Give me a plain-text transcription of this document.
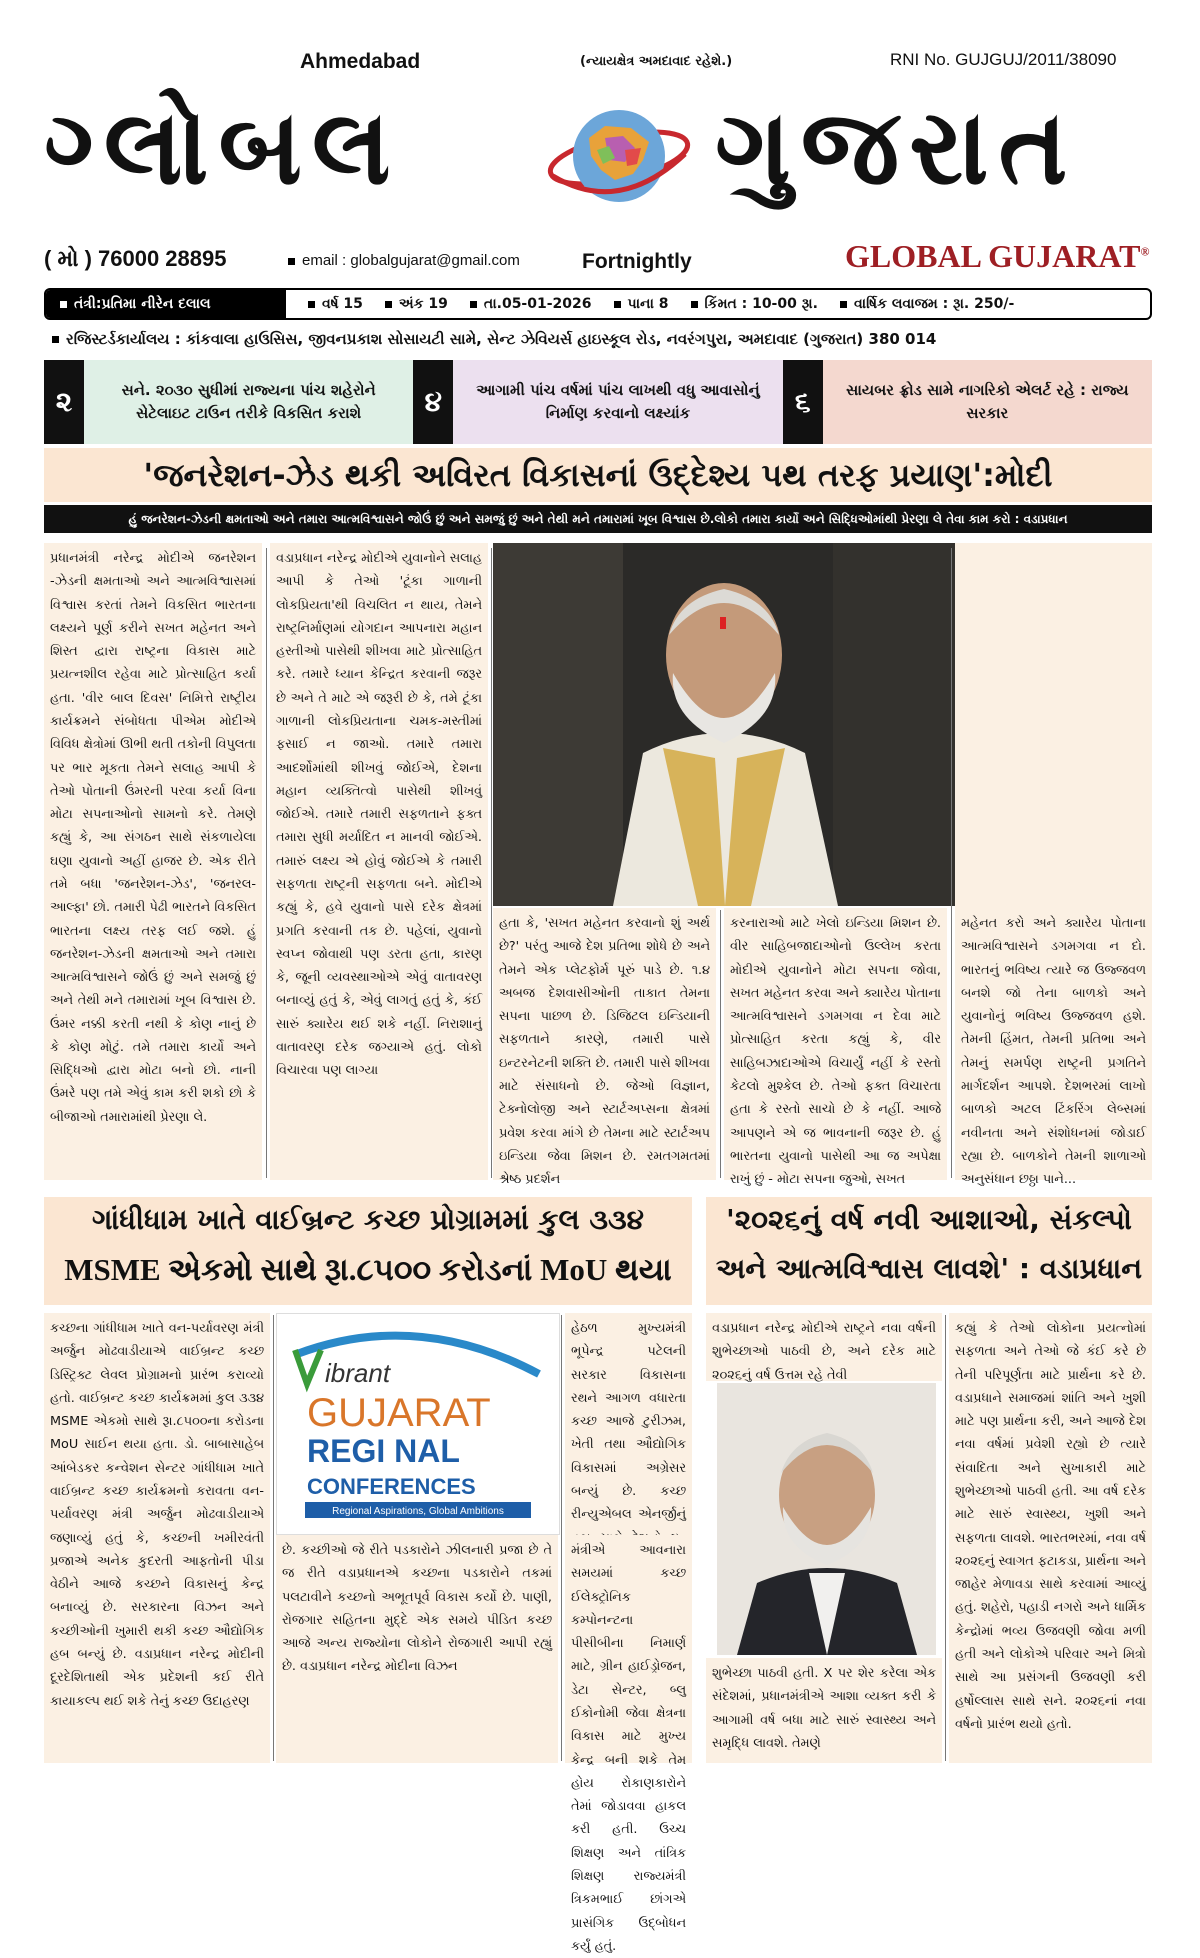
Ahmedabad	(ન્યાયક્ષેત્ર અમદાવાદ રહેશે.)	RNI No. GUJGUJ/2011/38090
ગ્લોબલ	ગુજરાત
GLOBAL GUJARAT®
( મો ) 76000 28895	email : globalgujarat@gmail.com	Fortnightly
તંત્રી:પ્રતિમા નીરેન દલાલ	વર્ષ 15	અંક 19	તા.05-01-2026	પાના 8	કિંમત : 10-00 રૂા.	વાર્ષિક લવાજમ : રૂા. 250/-
રજિસ્ટર્ડકાર્યાલય : કાંકવાલા હાઉસિસ, જીવનપ્રકાશ સોસાયટી સામે, સેન્ટ ઝેવિયર્સ હાઇસ્કૂલ રોડ, નવરંગપુરા, અમદાવાદ (ગુજરાત) 380 014
૨	સને. ૨૦૩૦ સુધીમાં રાજ્યના પાંચ શહેરોને સેટેલાઇટ ટાઉન તરીકે વિકસિત કરાશે	૪	આગામી પાંચ વર્ષમાં પાંચ લાખથી વધુ આવાસોનું નિર્માણ કરવાનો લક્ષ્યાંક	૬	સાયબર ફ્રોડ સામે નાગરિકો એલર્ટ રહે : રાજ્ય સરકાર
'જનરેશન-ઝેડ થકી અવિરત વિકાસનાં ઉદ્દેશ્ય પથ તરફ પ્રયાણ':મોદી
હું જનરેશન-ઝેડની ક્ષમતાઓ અને તમારા આત્મવિશ્વાસને જોઉં છું અને સમજું છું અને તેથી મને તમારામાં ખૂબ વિશ્વાસ છે.લોકો તમારા કાર્યો અને સિદ્ધિઓમાંથી પ્રેરણા લે તેવા કામ કરો : વડાપ્રધાન
પ્રધાનમંત્રી નરેન્દ્ર મોદીએ જનરેશન -ઝેડની ક્ષમતાઓ અને આત્મવિશ્વાસમાં વિશ્વાસ કરતાં તેમને વિકસિત ભારતના લક્ષ્યને પૂર્ણ કરીને સખત મહેનત અને શિસ્ત દ્વારા રાષ્ટ્રના વિકાસ માટે પ્રયત્નશીલ રહેવા માટે પ્રોત્સાહિત કર્યા હતા. 'વીર બાલ દિવસ' નિમિત્તે રાષ્ટ્રીય કાર્યક્રમને સંબોધતા પીએમ મોદીએ વિવિધ ક્ષેત્રોમાં ઊભી થતી તકોની વિપુલતા પર ભાર મૂકતા તેમને સલાહ આપી કે તેઓ પોતાની ઉંમરની પરવા કર્યા વિના મોટા સપનાઓનો સામનો કરે. તેમણે કહ્યું કે, આ સંગઠન સાથે સંકળાયેલા ઘણા યુવાનો અહીં હાજર છે. એક રીતે તમે બધા 'જનરેશન-ઝેડ', 'જનરલ-આલ્ફા' છો. તમારી પેઢી ભારતને વિકસિત ભારતના લક્ષ્ય તરફ લઈ જશે. હું જનરેશન-ઝેડની ક્ષમતાઓ અને તમારા આત્મવિશ્વાસને જોઉં છું અને સમજું છું અને તેથી મને તમારામાં ખૂબ વિશ્વાસ છે. ઉંમર નક્કી કરતી નથી કે કોણ નાનું છે કે કોણ મોટું. તમે તમારા કાર્યો અને સિદ્ધિઓ દ્વારા મોટા બનો છો. નાની ઉંમરે પણ તમે એવું કામ કરી શકો છો કે બીજાઓ તમારામાંથી પ્રેરણા લે.
વડાપ્રધાન નરેન્દ્ર મોદીએ યુવાનોને સલાહ આપી કે તેઓ 'ટૂંકા ગાળાની લોકપ્રિયતા'થી વિચલિત ન થાય, તેમને રાષ્ટ્રનિર્માણમાં યોગદાન આપનારા મહાન હસ્તીઓ પાસેથી શીખવા માટે પ્રોત્સાહિત કરે. તમારે ધ્યાન કેન્દ્રિત કરવાની જરૂર છે અને તે માટે એ જરૂરી છે કે, તમે ટૂંકા ગાળાની લોકપ્રિયતાના ચમક-મસ્તીમાં ફસાઈ ન જાઓ. તમારે તમારા આદર્શોમાંથી શીખવું જોઈએ, દેશના મહાન વ્યક્તિત્વો પાસેથી શીખવું જોઈએ. તમારે તમારી સફળતાને ફક્ત તમારા સુધી મર્યાદિત ન માનવી જોઈએ. તમારું લક્ષ્ય એ હોવું જોઈએ કે તમારી સફળતા રાષ્ટ્રની સફળતા બને. મોદીએ કહ્યું કે, હવે યુવાનો પાસે દરેક ક્ષેત્રમાં પ્રગતિ કરવાની તક છે. પહેલાં, યુવાનો સ્વપ્ન જોવાથી પણ ડરતા હતા, કારણ કે, જૂની વ્યવસ્થાઓએ એવું વાતાવરણ બનાવ્યું હતું કે, એવું લાગતું હતું કે, કંઈ સારું ક્યારેય થઈ શકે નહીં. નિરાશાનું વાતાવરણ દરેક જગ્યાએ હતું. લોકો વિચારવા પણ લાગ્યા
હતા કે, 'સખત મહેનત કરવાનો શું અર્થ છે?' પરંતુ આજે દેશ પ્રતિભા શોધે છે અને તેમને એક પ્લેટફોર્મ પૂરું પાડે છે. ૧.૪ અબજ દેશવાસીઓની તાકાત તેમના સપના પાછળ છે. ડિજિટલ ઇન્ડિયાની સફળતાને કારણે, તમારી પાસે ઇન્ટરનેટની શક્તિ છે. તમારી પાસે શીખવા માટે સંસાધનો છે. જેઓ વિજ્ઞાન, ટેક્નોલોજી અને સ્ટાર્ટઅપ્સના ક્ષેત્રમાં પ્રવેશ કરવા માંગે છે તેમના માટે સ્ટાર્ટઅપ ઇન્ડિયા જેવા મિશન છે. રમતગમતમાં શ્રેષ્ઠ પ્રદર્શન
કરનારાઓ માટે ખેલો ઇન્ડિયા મિશન છે. વીર સાહિબજાદાઓનો ઉલ્લેખ કરતા મોદીએ યુવાનોને મોટા સપના જોવા, સખત મહેનત કરવા અને ક્યારેય પોતાના આત્મવિશ્વાસને ડગમગવા ન દેવા માટે પ્રોત્સાહિત કરતા કહ્યું કે, વીર સાહિબઝાદાઓએ વિચાર્યું નહીં કે રસ્તો કેટલો મુશ્કેલ છે. તેઓ ફક્ત વિચારતા હતા કે રસ્તો સાચો છે કે નહીં. આજે આપણને એ જ ભાવનાની જરૂર છે. હું ભારતના યુવાનો પાસેથી આ જ અપેક્ષા રાખું છું - મોટા સપના જુઓ, સખત
મહેનત કરો અને ક્યારેય પોતાના આત્મવિશ્વાસને ડગમગવા ન દો. ભારતનું ભવિષ્ય ત્યારે જ ઉજ્જવળ બનશે જો તેના બાળકો અને યુવાનોનું ભવિષ્ય ઉજ્જવળ હશે. તેમની હિંમત, તેમની પ્રતિભા અને તેમનું સમર્પણ રાષ્ટ્રની પ્રગતિને માર્ગદર્શન આપશે. દેશભરમાં લાખો બાળકો અટલ ટિંકરિંગ લેબ્સમાં નવીનતા અને સંશોધનમાં જોડાઈ રહ્યા છે. બાળકોને તેમની શાળાઓ અનુસંધાન છઠ્ઠા પાને...
ગાંધીધામ ખાતે વાઈબ્રન્ટ કચ્છ પ્રોગ્રામમાં કુલ ૩૩૪
MSME એકમો સાથે રૂા.૮૫૦૦ કરોડનાં MoU થયા
કચ્છના ગાંધીધામ ખાતે વન-પર્યાવરણ મંત્રી અર્જુન મોઢવાડીયાએ વાઈબ્રન્ટ કચ્છ ડિસ્ટ્રિક્ટ લેવલ પ્રોગ્રામનો પ્રારંભ કરાવ્યો હતો. વાઈબ્રન્ટ કચ્છ કાર્યક્રમમાં કુલ ૩૩૪ MSME એકમો સાથે રૂા.૮૫૦૦ના કરોડના MoU સાઈન થયા હતા. ડો. બાબાસાહેબ આંબેડકર કન્વેશન સેન્ટર ગાંધીધામ ખાતે વાઈબ્રન્ટ કચ્છ કાર્યક્રમનો કરાવતા વન- પર્યાવરણ મંત્રી અર્જુન મોઢવાડીયાએ જણાવ્યું હતું કે, કચ્છની ખમીરવંતી પ્રજાએ અનેક કુદરતી આફતોની પીડા વેઠીને આજે કચ્છને વિકાસનું કેન્દ્ર બનાવ્યું છે. સરકારના વિઝન અને કચ્છીઓની ખુમારી થકી કચ્છ ઔદ્યોગિક હબ બન્યું છે. વડાપ્રધાન નરેન્દ્ર મોદીની દૂરદેશિતાથી એક પ્રદેશની કઈ રીતે કાયાકલ્પ થઈ શકે તેનું કચ્છ ઉદાહરણ
ibrant
GUJARAT
REGI NAL
CONFERENCES
Regional Aspirations, Global Ambitions
છે. કચ્છીઓ જે રીતે પડકારોને ઝીલનારી પ્રજા છે તે જ રીતે વડાપ્રધાનએ કચ્છના પડકારોને તકમાં પલટાવીને કચ્છનો અભૂતપૂર્વ વિકાસ કર્યો છે. પાણી, રોજગાર સહિતના મુદ્દે એક સમયે પીડિત કચ્છ આજે અન્ય રાજ્યોના લોકોને રોજગારી આપી રહ્યું છે. વડાપ્રધાન નરેન્દ્ર મોદીના વિઝન
હેઠળ મુખ્યમંત્રી ભૂપેન્દ્ર પટેલની સરકાર વિકાસના રથને આગળ વધારતા કચ્છ આજે ટુરીઝમ, ખેતી તથા ઔદ્યોગિક વિકાસમાં અગ્રેસર બન્યું છે. કચ્છ રીન્યુએબલ એનર્જીનું
મંત્રીએ આવનારા સમયમાં કચ્છ ઈલેક્ટ્રોનિક કમ્પોનન્ટના પીસીબીના નિમાર્ણ માટે, ગ્રીન હાઈડ્રોજન, ડેટા સેન્ટર, બ્લુ ઈકોનોમી જેવા ક્ષેત્રના વિકાસ માટે મુખ્ય કેન્દ્ર બની શકે તેમ હોય રોકાણકારોને તેમાં જોડાવવા હાકલ કરી હતી. ઉચ્ચ શિક્ષણ અને તાંત્રિક શિક્ષણ રાજ્યમંત્રી ત્રિકમભાઈ છાંગએ પ્રાસંગિક ઉદ્બોધન કર્યું હતું.
'૨૦૨૬નું વર્ષ નવી આશાઓ, સંકલ્પો
અને આત્મવિશ્વાસ લાવશે' : વડાપ્રધાન
વડાપ્રધાન નરેન્દ્ર મોદીએ રાષ્ટ્રને નવા વર્ષની શુભેચ્છાઓ પાઠવી છે, અને દરેક માટે ૨૦૨૬નું વર્ષ ઉત્તમ રહે તેવી
શુભેચ્છા પાઠવી હતી. X પર શેર કરેલા એક સંદેશમાં, પ્રધાનમંત્રીએ આશા વ્યક્ત કરી કે આગામી વર્ષ બધા માટે સારું સ્વાસ્થ્ય અને સમૃદ્ધિ લાવશે. તેમણે
કહ્યું કે તેઓ લોકોના પ્રયત્નોમાં સફળતા અને તેઓ જે કંઈ કરે છે તેની પરિપૂર્ણતા માટે પ્રાર્થના કરે છે. વડાપ્રધાને સમાજમાં શાંતિ અને ખુશી માટે પણ પ્રાર્થના કરી, અને આજે દેશ નવા વર્ષમાં પ્રવેશી રહ્યો છે ત્યારે સંવાદિતા અને સુખાકારી માટે શુભેચ્છાઓ પાઠવી હતી. આ વર્ષ દરેક માટે સારું સ્વાસ્થ્ય, ખુશી અને સફળતા લાવશે. ભારતભરમાં, નવા વર્ષ ૨૦૨૬નું સ્વાગત ફટાકડા, પ્રાર્થના અને જાહેર મેળાવડા સાથે કરવામાં આવ્યું હતું. શહેરો, પહાડી નગરો અને ધાર્મિક કેન્દ્રોમાં ભવ્ય ઉજવણી જોવા મળી હતી અને લોકોએ પરિવાર અને મિત્રો સાથે આ પ્રસંગની ઉજવણી કરી હર્ષોલ્લાસ સાથે સને. ૨૦૨૬નાં નવા વર્ષનો પ્રારંભ થયો હતો.
